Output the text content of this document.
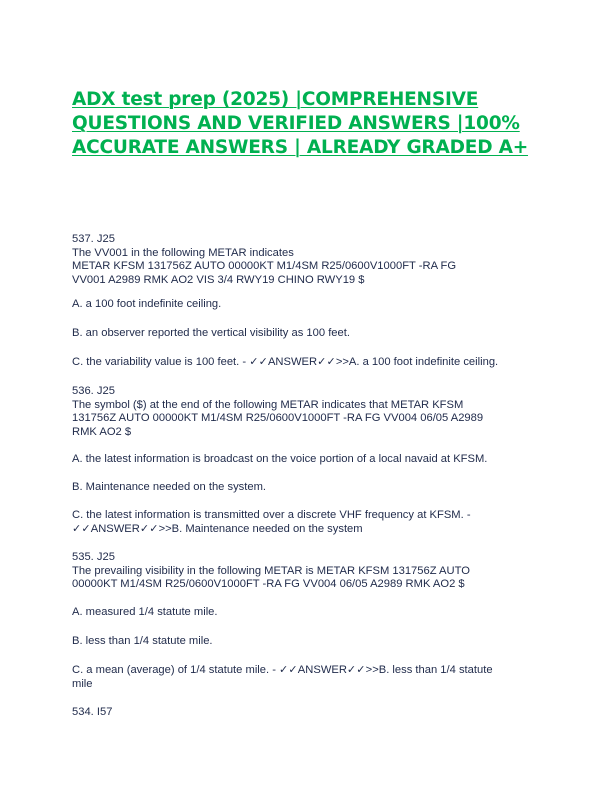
ADX test prep (2025) |COMPREHENSIVE QUESTIONS AND VERIFIED ANSWERS |100% ACCURATE ANSWERS | ALREADY GRADED A+
537. J25
The VV001 in the following METAR indicates
METAR KFSM 131756Z AUTO 00000KT M1/4SM R25/0600V1000FT -RA FG
VV001 A2989 RMK AO2 VIS 3/4 RWY19 CHINO RWY19 $
A. a 100 foot indefinite ceiling.
B. an observer reported the vertical visibility as 100 feet.
C. the variability value is 100 feet. - ✓✓ANSWER✓✓>>A. a 100 foot indefinite ceiling.
536. J25
The symbol ($) at the end of the following METAR indicates that METAR KFSM
131756Z AUTO 00000KT M1/4SM R25/0600V1000FT -RA FG VV004 06/05 A2989
RMK AO2 $
A. the latest information is broadcast on the voice portion of a local navaid at KFSM.
B. Maintenance needed on the system.
C. the latest information is transmitted over a discrete VHF frequency at KFSM. -
✓✓ANSWER✓✓>>B. Maintenance needed on the system
535. J25
The prevailing visibility in the following METAR is METAR KFSM 131756Z AUTO
00000KT M1/4SM R25/0600V1000FT -RA FG VV004 06/05 A2989 RMK AO2 $
A. measured 1/4 statute mile.
B. less than 1/4 statute mile.
C. a mean (average) of 1/4 statute mile. - ✓✓ANSWER✓✓>>B. less than 1/4 statute
mile
534. I57
